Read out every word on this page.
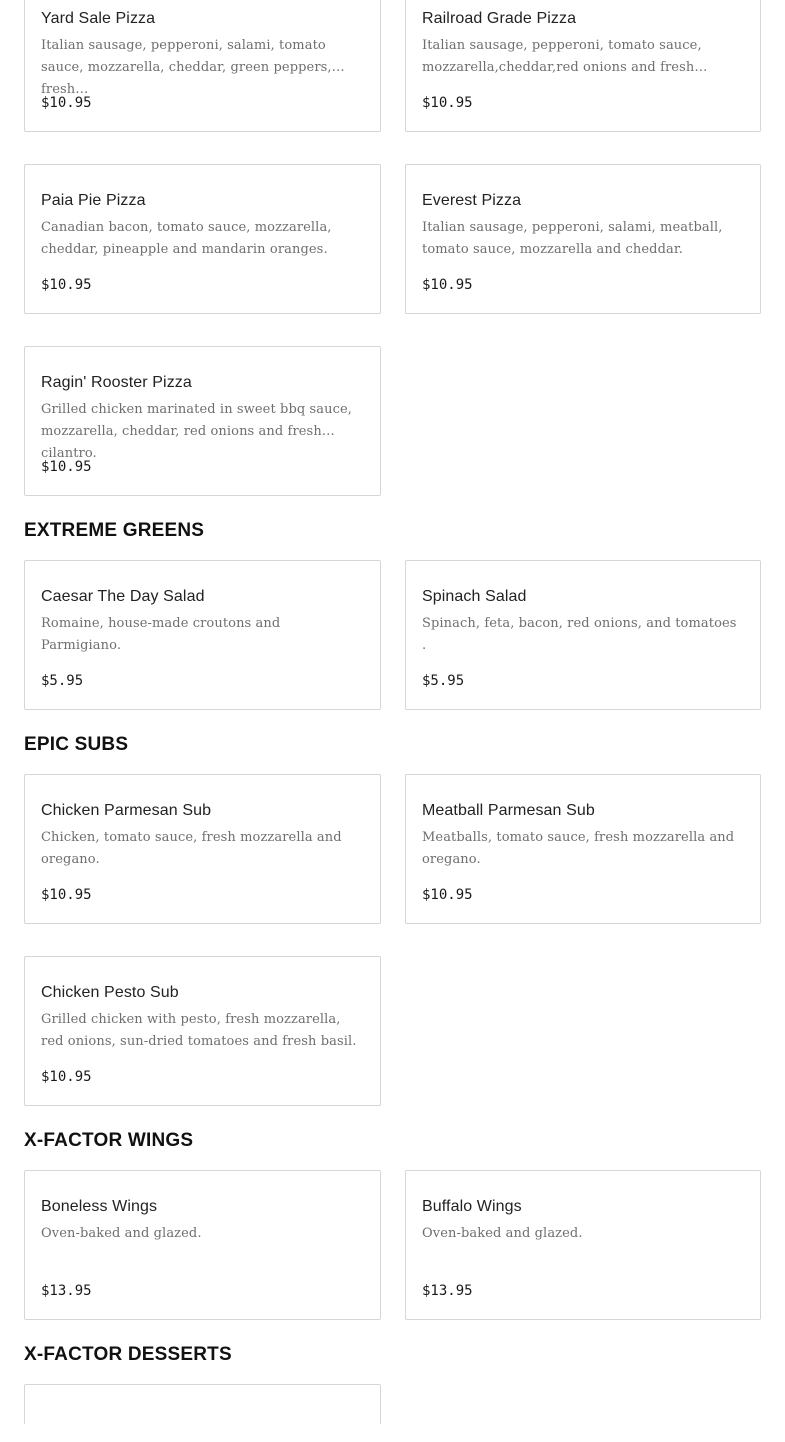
Yard Sale Pizza
Italian sausage, pepperoni, salami, tomato sauce, mozzarella, cheddar, green peppers, fresh…
$10.95
Railroad Grade Pizza
Italian sausage, pepperoni, tomato sauce, mozzarella,cheddar,red onions and fresh…
$10.95
Paia Pie Pizza
Canadian bacon, tomato sauce, mozzarella, cheddar, pineapple and mandarin oranges.
$10.95
Everest Pizza
Italian sausage, pepperoni, salami, meatball, tomato sauce, mozzarella and cheddar.
$10.95
Ragin' Rooster Pizza
Grilled chicken marinated in sweet bbq sauce, mozzarella, cheddar, red onions and fresh cilantro.
$10.95
EXTREME GREENS
Caesar The Day Salad
Romaine, house-made croutons and Parmigiano.
$5.95
Spinach Salad
Spinach, feta, bacon, red onions, and tomatoes .
$5.95
EPIC SUBS
Chicken Parmesan Sub
Chicken, tomato sauce, fresh mozzarella and oregano.
$10.95
Meatball Parmesan Sub
Meatballs, tomato sauce, fresh mozzarella and oregano.
$10.95
Chicken Pesto Sub
Grilled chicken with pesto, fresh mozzarella, red onions, sun-dried tomatoes and fresh basil.
$10.95
X-FACTOR WINGS
Boneless Wings
Oven-baked and glazed.
$13.95
Buffalo Wings
Oven-baked and glazed.
$13.95
X-FACTOR DESSERTS
